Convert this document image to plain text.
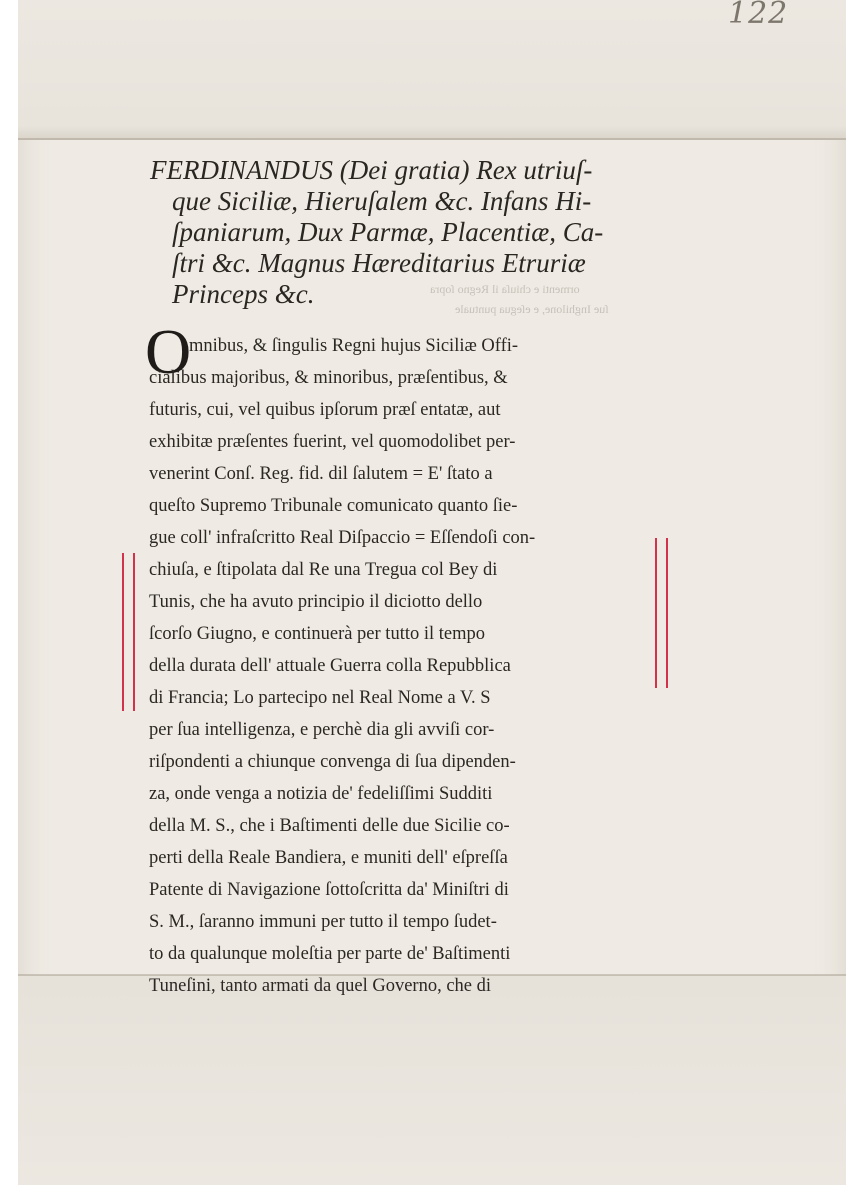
122
ormenti e chiuſa il Regno ſopra
ſue Inghilone, e eſegua puntuale
FERDINANDUS (Dei gratia) Rex utriuſ-
que Siciliæ, Hieruſalem &c. Infans Hi-
ſpaniarum, Dux Parmæ, Placentiæ, Ca-
ſtri &c. Magnus Hæreditarius Etruriæ
Princeps &c.
O
mnibus, & ſingulis Regni hujus Siciliæ Offi-
cialibus majoribus, & minoribus, præſentibus, &
futuris, cui, vel quibus ipſorum præſ entatæ, aut
exhibitæ præſentes fuerint, vel quomodolibet per-
venerint Conſ. Reg. fid. dil ſalutem = E' ſtato a
queſto Supremo Tribunale comunicato quanto ſie-
gue coll' infraſcritto Real Diſpaccio = Eſſendoſi con-
chiuſa, e ſtipolata dal Re una Tregua col Bey di
Tunis, che ha avuto principio il diciotto dello
ſcorſo Giugno, e continuerà per tutto il tempo
della durata dell' attuale Guerra colla Repubblica
di Francia; Lo partecipo nel Real Nome a V. S
per ſua intelligenza, e perchè dia gli avviſi cor-
riſpondenti a chiunque convenga di ſua dipenden-
za, onde venga a notizia de' fedeliſſimi Sudditi
della M. S., che i Baſtimenti delle due Sicilie co-
perti della Reale Bandiera, e muniti dell' eſpreſſa
Patente di Navigazione ſottoſcritta da' Miniſtri di
S. M., ſaranno immuni per tutto il tempo ſudet-
to da qualunque moleſtia per parte de' Baſtimenti
Tuneſini, tanto armati da quel Governo, che di
